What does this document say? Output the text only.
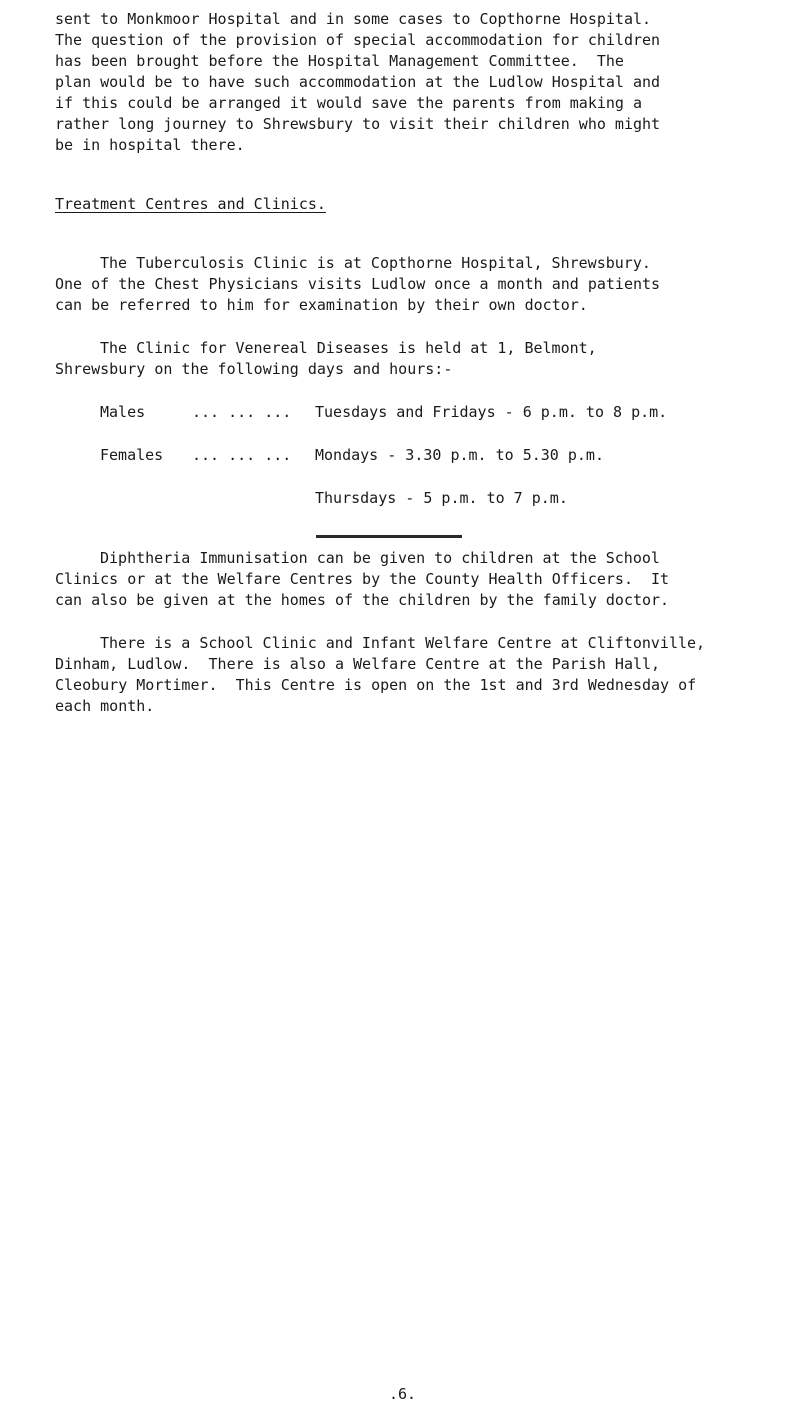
sent to Monkmoor Hospital and in some cases to Copthorne Hospital.
The question of the provision of special accommodation for children
has been brought before the Hospital Management Committee.  The
plan would be to have such accommodation at the Ludlow Hospital and
if this could be arranged it would save the parents from making a
rather long journey to Shrewsbury to visit their children who might
be in hospital there.
Treatment Centres and Clinics.
The Tuberculosis Clinic is at Copthorne Hospital, Shrewsbury.
One of the Chest Physicians visits Ludlow once a month and patients
can be referred to him for examination by their own doctor.
The Clinic for Venereal Diseases is held at 1, Belmont,
Shrewsbury on the following days and hours:-
Males	... ... ... Tuesdays and Fridays - 6 p.m. to 8 p.m.
Females ... ... ... Mondays - 3.30 p.m. to 5.30 p.m.
Thursdays - 5 p.m. to 7 p.m.
Diphtheria Immunisation can be given to children at the School
Clinics or at the Welfare Centres by the County Health Officers.  It
can also be given at the homes of the children by the family doctor.
There is a School Clinic and Infant Welfare Centre at Cliftonville,
Dinham, Ludlow.  There is also a Welfare Centre at the Parish Hall,
Cleobury Mortimer.  This Centre is open on the 1st and 3rd Wednesday of
each month.
.6.
